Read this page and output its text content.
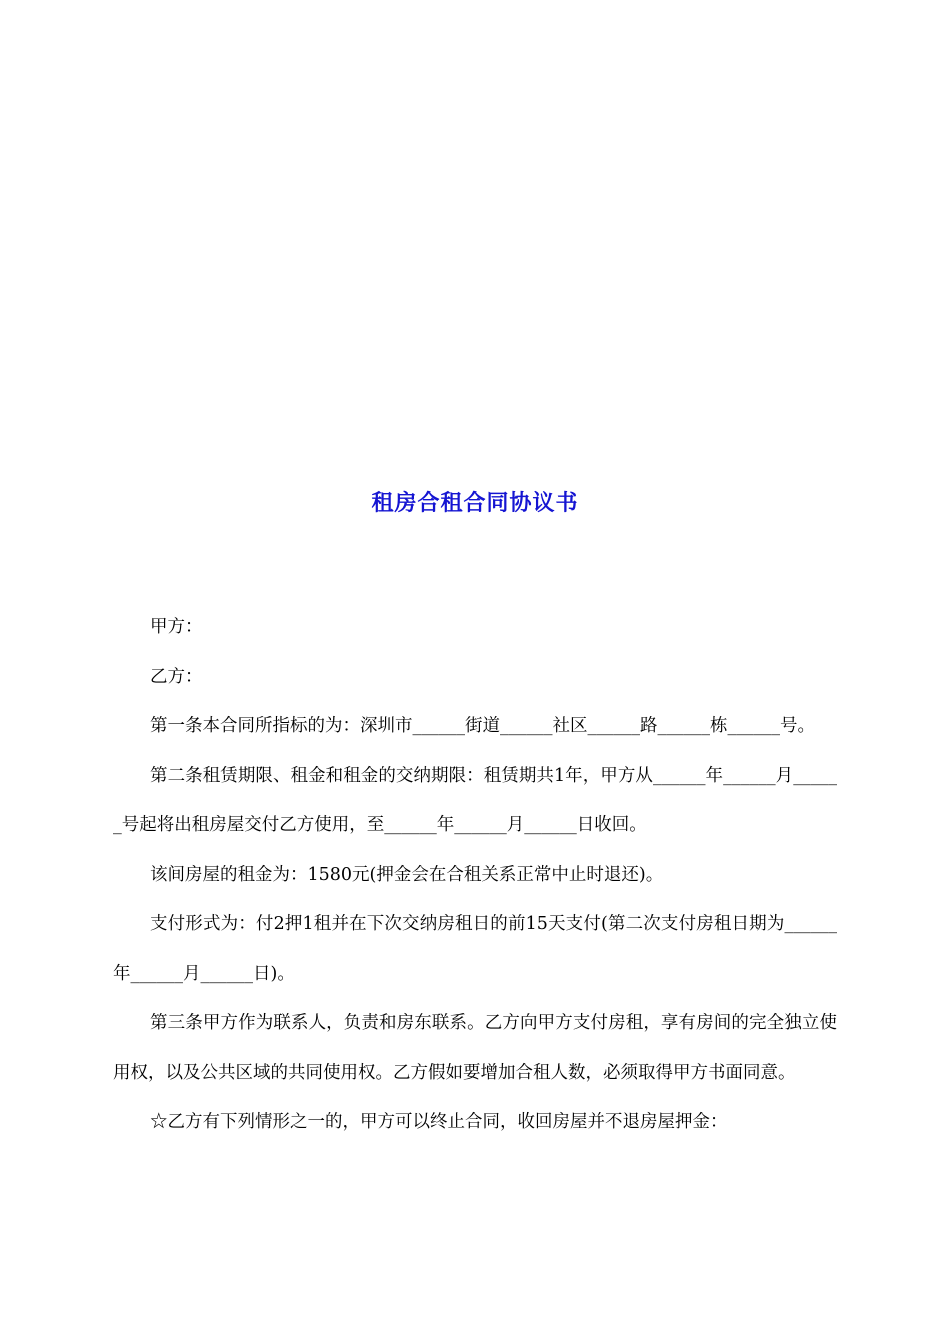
租房合租合同协议书

甲方：

乙方：

第一条本合同所指标的为：深圳市______街道______社区______路______栋______号。

第二条租赁期限、租金和租金的交纳期限：租赁期共1年，甲方从______年______月______号起将出租房屋交付乙方使用，至______年______月______日收回。

该间房屋的租金为：1580元(押金会在合租关系正常中止时退还)。

支付形式为：付2押1租并在下次交纳房租日的前15天支付(第二次支付房租日期为______年______月______日)。

第三条甲方作为联系人，负责和房东联系。乙方向甲方支付房租，享有房间的完全独立使用权，以及公共区域的共同使用权。乙方假如要增加合租人数，必须取得甲方书面同意。

☆乙方有下列情形之一的，甲方可以终止合同，收回房屋并不退房屋押金：
